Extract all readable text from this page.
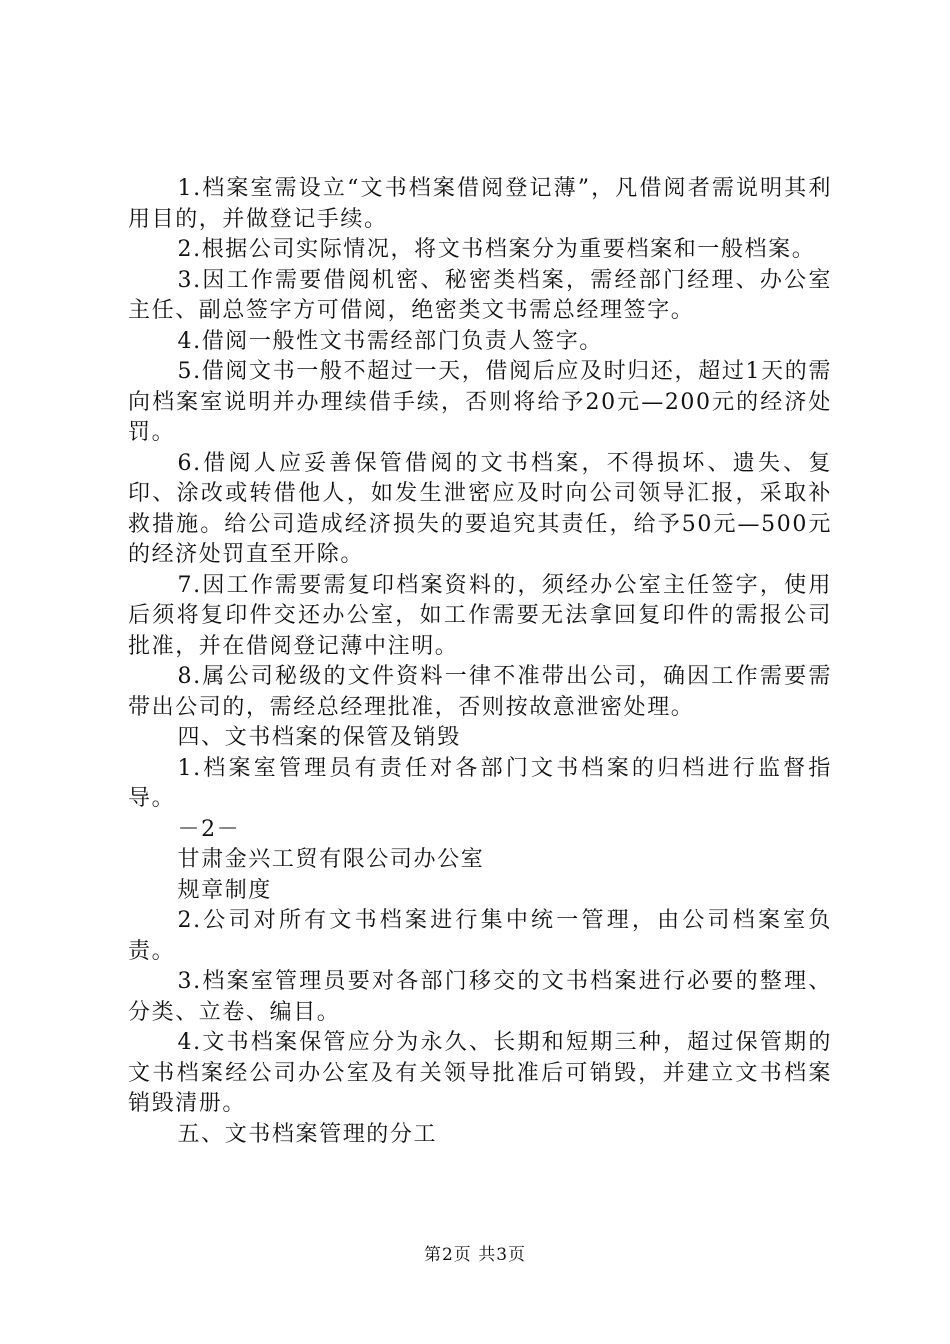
1.档案室需设立“文书档案借阅登记薄”，凡借阅者需说明其利用目的，并做登记手续。

2.根据公司实际情况，将文书档案分为重要档案和一般档案。

3.因工作需要借阅机密、秘密类档案，需经部门经理、办公室主任、副总签字方可借阅，绝密类文书需总经理签字。

4.借阅一般性文书需经部门负责人签字。

5.借阅文书一般不超过一天，借阅后应及时归还，超过1天的需向档案室说明并办理续借手续，否则将给予20元—200元的经济处罚。

6.借阅人应妥善保管借阅的文书档案，不得损坏、遗失、复印、涂改或转借他人，如发生泄密应及时向公司领导汇报，采取补救措施。给公司造成经济损失的要追究其责任，给予50元—500元的经济处罚直至开除。

7.因工作需要需复印档案资料的，须经办公室主任签字，使用后须将复印件交还办公室，如工作需要无法拿回复印件的需报公司批准，并在借阅登记薄中注明。

8.属公司秘级的文件资料一律不准带出公司，确因工作需要需带出公司的，需经总经理批准，否则按故意泄密处理。

四、文书档案的保管及销毁

1.档案室管理员有责任对各部门文书档案的归档进行监督指导。

－2－

甘肃金兴工贸有限公司办公室

规章制度

2.公司对所有文书档案进行集中统一管理，由公司档案室负责。

3.档案室管理员要对各部门移交的文书档案进行必要的整理、分类、立卷、编目。

4.文书档案保管应分为永久、长期和短期三种，超过保管期的文书档案经公司办公室及有关领导批准后可销毁，并建立文书档案销毁清册。

五、文书档案管理的分工

第2页 共3页
